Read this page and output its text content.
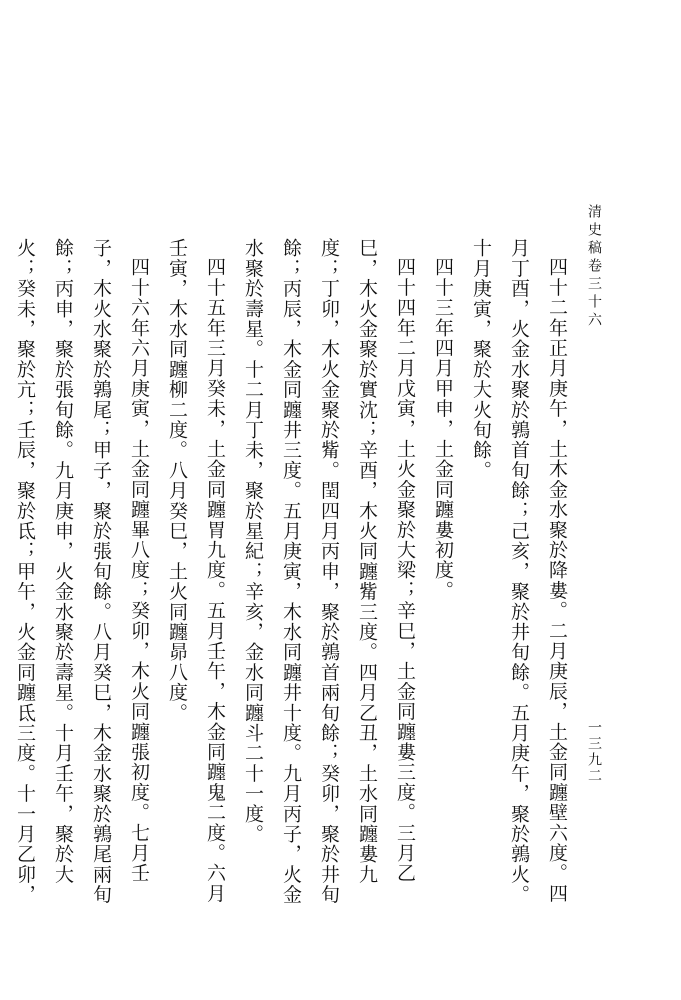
清史稿卷三十六
一三九二

四十二年正月庚午，土木金水聚於降婁。二月庚辰，土金同躔壁六度。四月丁酉，火金水聚於鶉首旬餘；己亥，聚於井旬餘。五月庚午，聚於鶉火。十月庚寅，聚於大火旬餘。

四十三年四月甲申，土金同躔婁初度。

四十四年二月戊寅，土火金聚於大梁；辛巳，土金同躔婁三度。三月乙巳，木火金聚於實沈；辛酉，木火同躔觜三度。四月乙丑，土水同躔婁九度；丁卯，木火金聚於觜。閏四月丙申，聚於鶉首兩旬餘；癸卯，聚於井旬餘；丙辰，木金同躔井三度。五月庚寅，木水同躔井十度。九月丙子，火金水聚於壽星。十二月丁未，聚於星紀；辛亥，金水同躔斗二十一度。

四十五年三月癸未，土金同躔胃九度。五月壬午，木金同躔鬼二度。六月壬寅，木水同躔柳二度。八月癸巳，土火同躔昴八度。

四十六年六月庚寅，土金同躔畢八度；癸卯，木火同躔張初度。七月壬子，木火水聚於鶉尾；甲子，聚於張旬餘。八月癸巳，木金水聚於鶉尾兩旬餘；丙申，聚於張旬餘。九月庚申，火金水聚於壽星。十月壬午，聚於大火；癸未，聚於亢；壬辰，聚於氐；甲午，火金同躔氐三度。十一月乙卯，
